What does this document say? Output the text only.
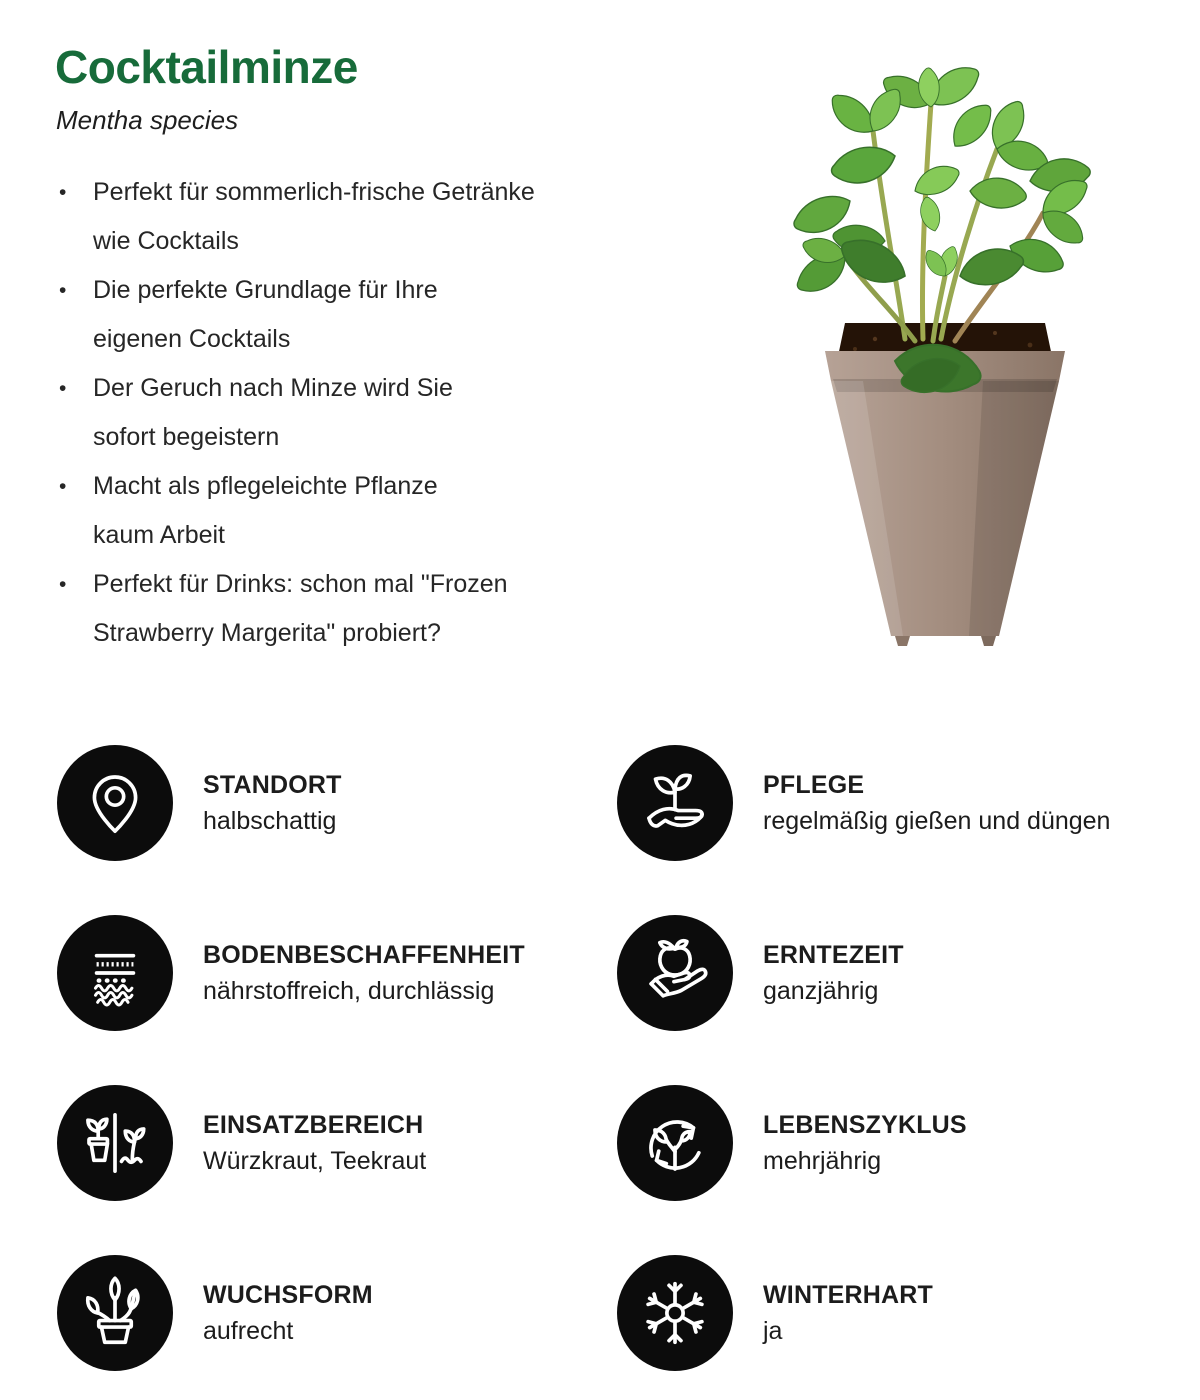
Cocktailminze

Mentha species

• Perfekt für sommerlich-frische Getränke
wie Cocktails
• Die perfekte Grundlage für Ihre
eigenen Cocktails
• Der Geruch nach Minze wird Sie
sofort begeistern
• Macht als pflegeleichte Pflanze
kaum Arbeit
• Perfekt für Drinks: schon mal "Frozen
Strawberry Margerita" probiert?
STANDORT
halbschattig
PFLEGE
regelmäßig gießen und düngen
BODENBESCHAFFENHEIT
nährstoffreich, durchlässig
ERNTEZEIT
ganzjährig
EINSATZBEREICH
Würzkraut, Teekraut
LEBENSZYKLUS
mehrjährig
WUCHSFORM
aufrecht
WINTERHART
ja
